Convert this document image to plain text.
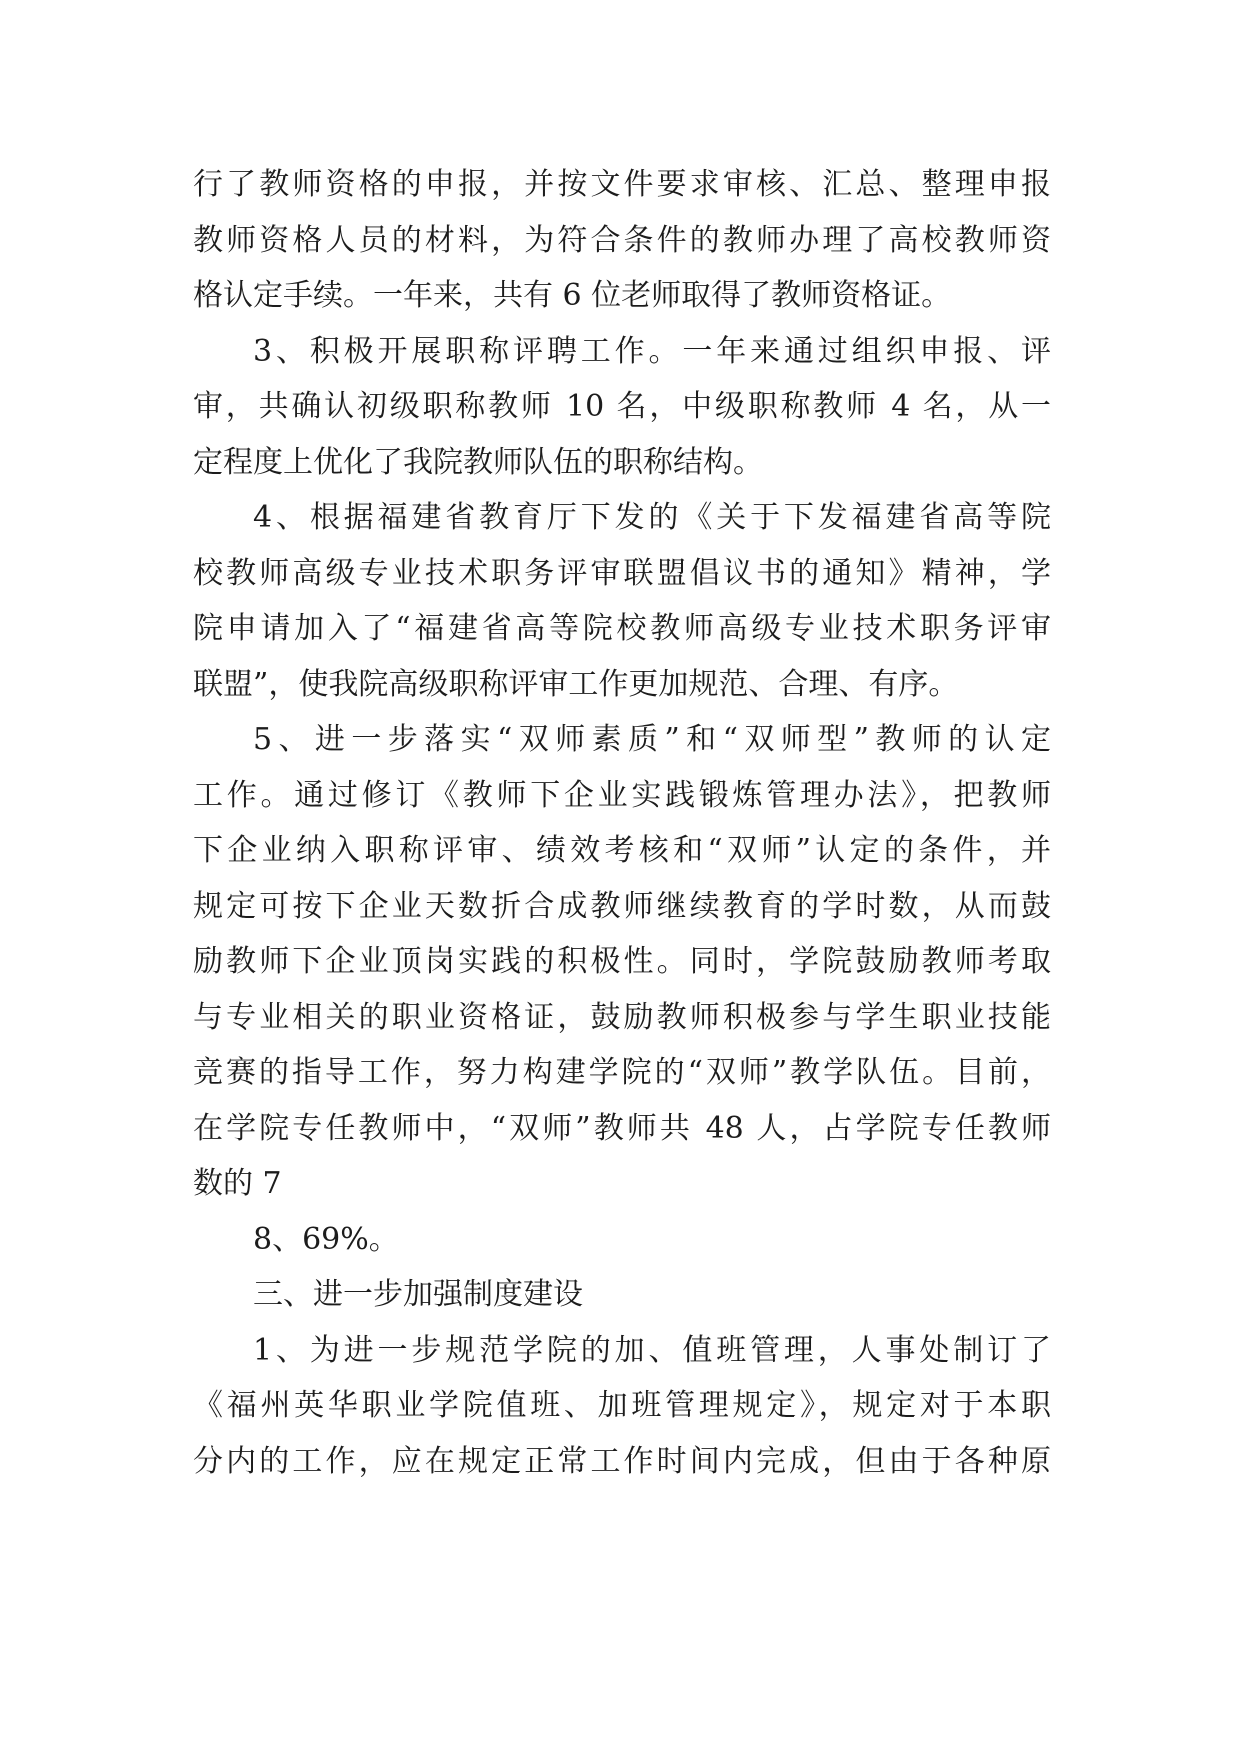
行了教师资格的申报，并按文件要求审核、汇总、整理申报
教师资格人员的材料，为符合条件的教师办理了高校教师资
格认定手续。一年来，共有 6 位老师取得了教师资格证。
3、积极开展职称评聘工作。一年来通过组织申报、评
审，共确认初级职称教师 10 名，中级职称教师 4 名，从一
定程度上优化了我院教师队伍的职称结构。
4、根据福建省教育厅下发的《关于下发福建省高等院
校教师高级专业技术职务评审联盟倡议书的通知》精神，学
院申请加入了“福建省高等院校教师高级专业技术职务评审
联盟”，使我院高级职称评审工作更加规范、合理、有序。
5、进一步落实“双师素质”和“双师型”教师的认定
工作。通过修订《教师下企业实践锻炼管理办法》，把教师
下企业纳入职称评审、绩效考核和“双师”认定的条件，并
规定可按下企业天数折合成教师继续教育的学时数，从而鼓
励教师下企业顶岗实践的积极性。同时，学院鼓励教师考取
与专业相关的职业资格证，鼓励教师积极参与学生职业技能
竞赛的指导工作，努力构建学院的“双师”教学队伍。目前，
在学院专任教师中，“双师”教师共 48 人，占学院专任教师
数的 7
8、69%。
三、进一步加强制度建设
1、为进一步规范学院的加、值班管理，人事处制订了
《福州英华职业学院值班、加班管理规定》，规定对于本职
分内的工作，应在规定正常工作时间内完成，但由于各种原
